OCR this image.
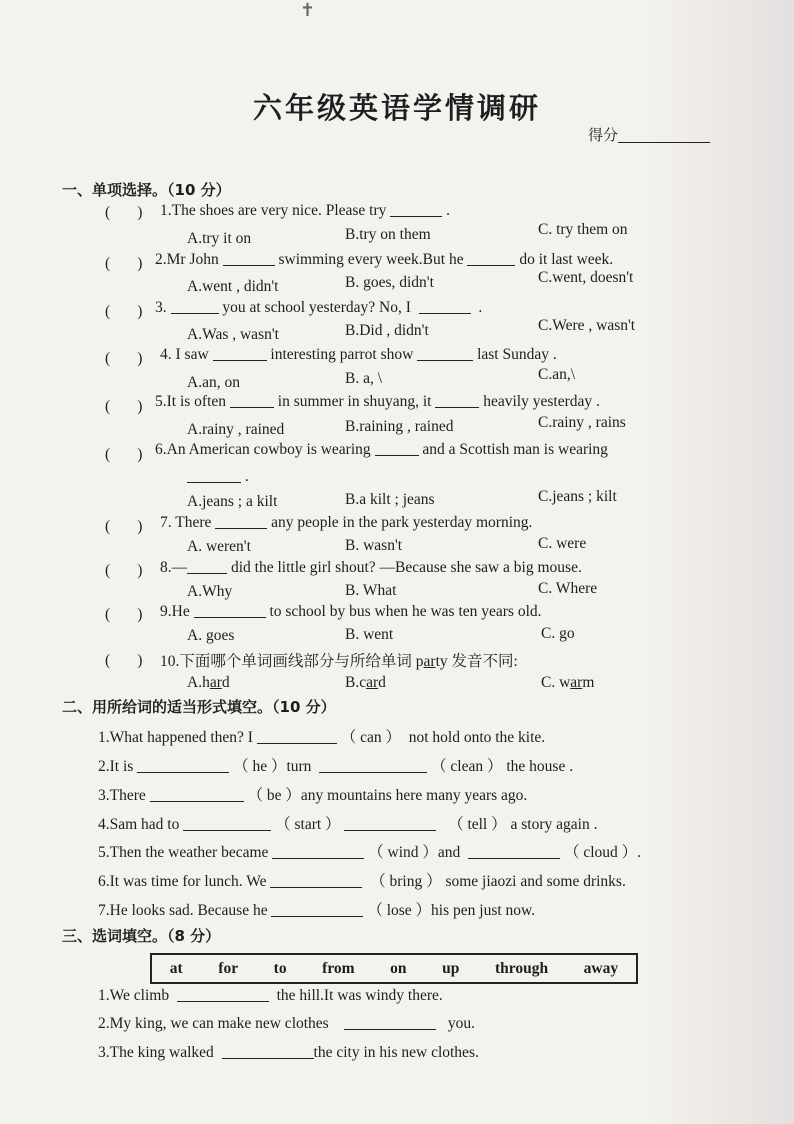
✝
六年级英语学情调研
得分
一、单项选择。（10 分）
(       ) 1.The shoes are very nice. Please try	.
A.try it on	B.try on them	C. try them on
(       ) 2.Mr John	swimming every week.But he	do it last week.
A.went , didn't	B. goes, didn't	C.went, doesn't
(       ) 3.	you at school yesterday? No, I	.
A.Was , wasn't	B.Did , didn't	C.Were , wasn't
(       ) 4. I saw	interesting parrot show	last Sunday .
A.an, on	B. a, \	C.an,\
(       ) 5.It is often	in summer in shuyang, it	heavily yesterday .
A.rainy , rained	B.raining , rained	C.rainy , rains
(       ) 6.An American cowboy is wearing	and a Scottish man is wearing
.
A.jeans ; a kilt	B.a kilt ; jeans	C.jeans ; kilt
(       ) 7. There	any people in the park yesterday morning.
A. weren't	B. wasn't	C. were
(       ) 8.—	did the little girl shout? —Because she saw a big mouse.
A.Why	B. What	C. Where
(       ) 9.He	to school by bus when he was ten years old.
A. goes	B. went	C. go
(       ) 10.下面哪个单词画线部分与所给单词 party 发音不同:
A.hard	B.card	C. warm
二、用所给词的适当形式填空。（10 分）
1.What happened then? I	（ can ） not hold onto the kite.
2.It is	（ he ）turn	（ clean ） the house .
3.There	（ be ）any mountains here many years ago.
4.Sam had to	（ start ）	（ tell ） a story again .
5.Then the weather became	（ wind ）and	（ cloud ）.
6.It was time for lunch. We	（ bring ） some jiaozi and some drinks.
7.He looks sad. Because he	（ lose ）his pen just now.
三、选词填空。（8 分）
at for to from on up through away
1.We climb	the hill.It was windy there.
2.My king, we can make new clothes	you.
3.The king walked	the city in his new clothes.
